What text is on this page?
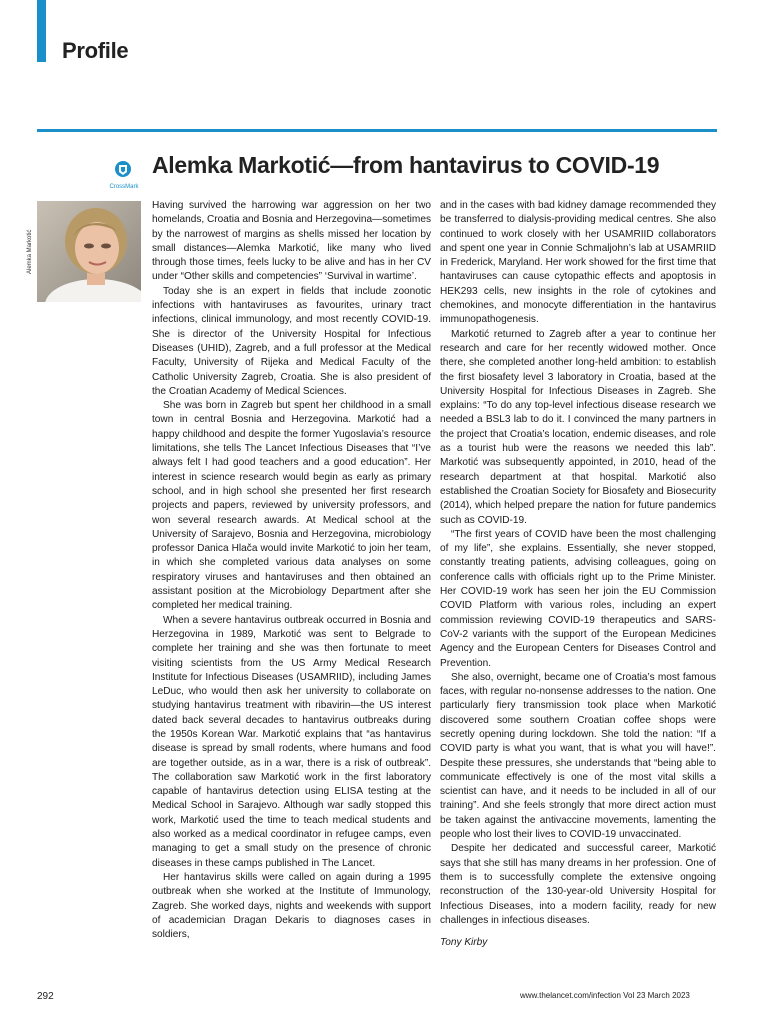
Profile
CrossMark
Alemka Markotić—from hantavirus to COVID-19
Alemka Markotić

Having survived the harrowing war aggression on her two homelands, Croatia and Bosnia and Herzegovina—sometimes by the narrowest of margins as shells missed her location by small distances—Alemka Markotić, like many who lived through those times, feels lucky to be alive and has in her CV under “Other skills and competencies” ‘Survival in wartime’.

Today she is an expert in fields that include zoonotic infections with hantaviruses as favourites, urinary tract infections, clinical immunology, and most recently COVID-19. She is director of the University Hospital for Infectious Diseases (UHID), Zagreb, and a full professor at the Medical Faculty, University of Rijeka and Medical Faculty of the Catholic University Zagreb, Croatia. She is also president of the Croatian Academy of Medical Sciences.

She was born in Zagreb but spent her childhood in a small town in central Bosnia and Herzegovina. Markotić had a happy childhood and despite the former Yugoslavia’s resource limitations, she tells The Lancet Infectious Diseases that “I’ve always felt I had good teachers and a good education”. Her interest in science research would begin as early as primary school, and in high school she presented her first research projects and papers, reviewed by university professors, and won several research awards. At Medical school at the University of Sarajevo, Bosnia and Herzegovina, microbiology professor Danica Hlača would invite Markotić to join her team, in which she completed various data analyses on some respiratory viruses and hantaviruses and then obtained an assistant position at the Microbiology Department after she completed her medical training.

When a severe hantavirus outbreak occurred in Bosnia and Herzegovina in 1989, Markotić was sent to Belgrade to complete her training and she was then fortunate to meet visiting scientists from the US Army Medical Research Institute for Infectious Diseases (USAMRIID), including James LeDuc, who would then ask her university to collaborate on studying hantavirus treatment with ribavirin—the US interest dated back several decades to hantavirus outbreaks during the 1950s Korean War. Markotić explains that “as hantavirus disease is spread by small rodents, where humans and food are together outside, as in a war, there is a risk of outbreak”. The collaboration saw Markotić work in the first laboratory capable of hantavirus detection using ELISA testing at the Medical School in Sarajevo. Although war sadly stopped this work, Markotić used the time to teach medical students and also worked as a medical coordinator in refugee camps, even managing to get a small study on the presence of chronic diseases in these camps published in The Lancet.

Her hantavirus skills were called on again during a 1995 outbreak when she worked at the Institute of Immunology, Zagreb. She worked days, nights and weekends with support of academician Dragan Dekaris to diagnoses cases in soldiers,

and in the cases with bad kidney damage recommended they be transferred to dialysis-providing medical centres. She also continued to work closely with her USAMRIID collaborators and spent one year in Connie Schmaljohn’s lab at USAMRIID in Frederick, Maryland. Her work showed for the first time that hantaviruses can cause cytopathic effects and apoptosis in HEK293 cells, new insights in the role of cytokines and chemokines, and monocyte differentiation in the hantavirus immunopathogenesis.

Markotić returned to Zagreb after a year to continue her research and care for her recently widowed mother. Once there, she completed another long-held ambition: to establish the first biosafety level 3 laboratory in Croatia, based at the University Hospital for Infectious Diseases in Zagreb. She explains: “To do any top-level infectious disease research we needed a BSL3 lab to do it. I convinced the many partners in the project that Croatia’s location, endemic diseases, and role as a tourist hub were the reasons we needed this lab”. Markotić was subsequently appointed, in 2010, head of the research department at that hospital. Markotić also established the Croatian Society for Biosafety and Biosecurity (2014), which helped prepare the nation for future pandemics such as COVID-19.

“The first years of COVID have been the most challenging of my life”, she explains. Essentially, she never stopped, constantly treating patients, advising colleagues, going on conference calls with officials right up to the Prime Minister. Her COVID-19 work has seen her join the EU Commission COVID Platform with various roles, including an expert commission reviewing COVID-19 therapeutics and SARS-CoV-2 variants with the support of the European Medicines Agency and the European Centers for Diseases Control and Prevention.

She also, overnight, became one of Croatia’s most famous faces, with regular no-nonsense addresses to the nation. One particularly fiery transmission took place when Markotić discovered some southern Croatian coffee shops were secretly opening during lockdown. She told the nation: “If a COVID party is what you want, that is what you will have!”. Despite these pressures, she understands that “being able to communicate effectively is one of the most vital skills a scientist can have, and it needs to be included in all of our training”. And she feels strongly that more direct action must be taken against the antivaccine movements, lamenting the people who lost their lives to COVID-19 unvaccinated.

Despite her dedicated and successful career, Markotić says that she still has many dreams in her profession. One of them is to successfully complete the extensive ongoing reconstruction of the 130-year-old University Hospital for Infectious Diseases, into a modern facility, ready for new challenges in infectious diseases.

Tony Kirby

292	www.thelancet.com/infection Vol 23 March 2023
